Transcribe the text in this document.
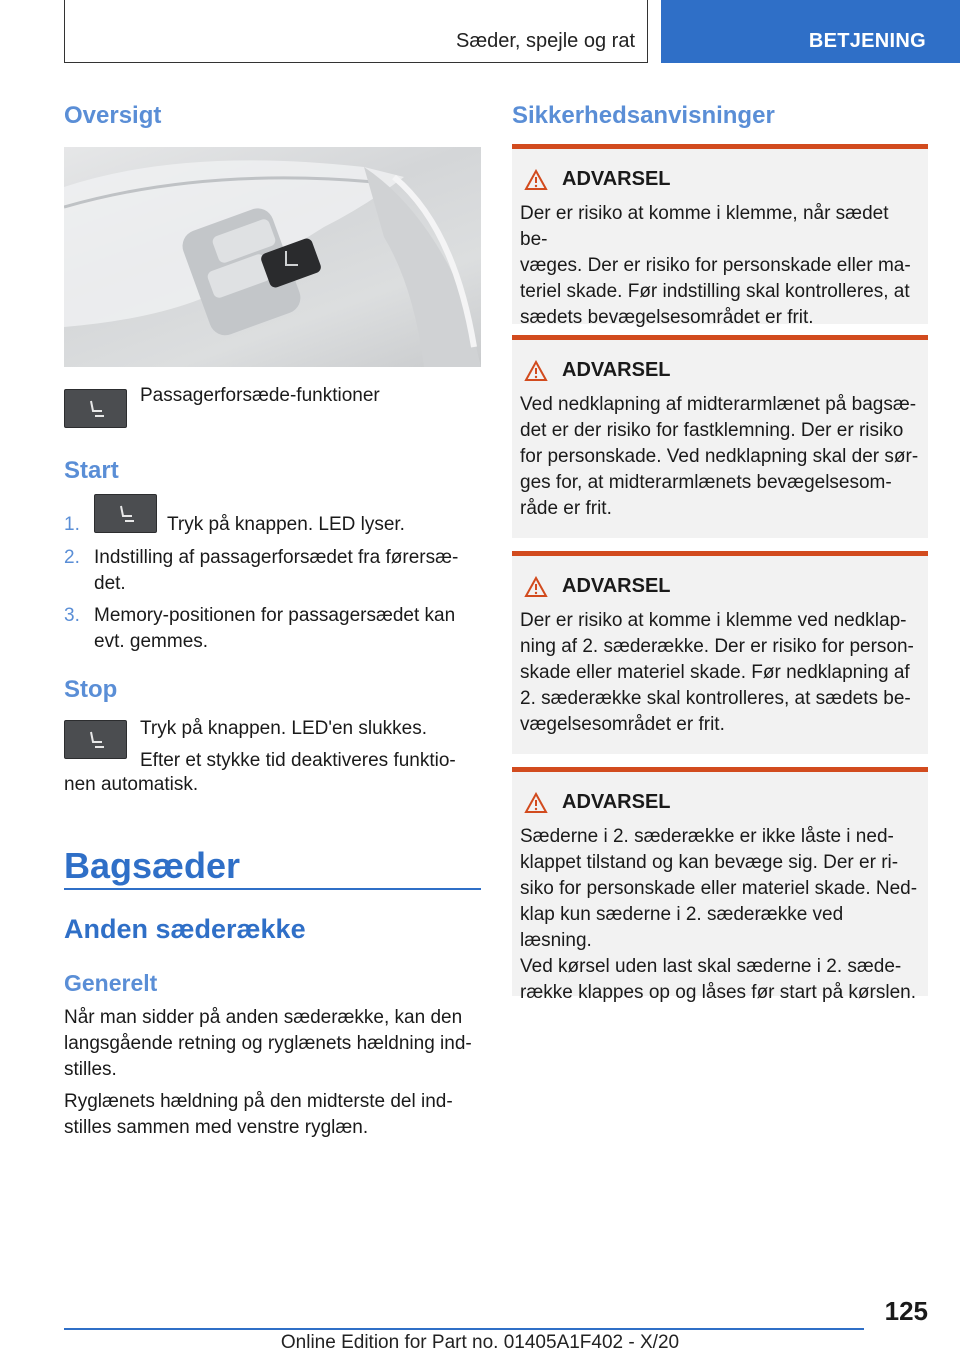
Sæder, spejle og rat	BETJENING
Oversigt

Passagerforsæde-funktioner

Start
1.	Tryk på knappen. LED lyser.

2. Indstilling af passagerforsædet fra førersæ-

det.

3. Memory-positionen for passagersædet kan

evt. gemmes.

Stop

Tryk på knappen. LED'en slukkes.

Efter et stykke tid deaktiveres funktio-

nen automatisk.

Bagsæder
Anden sæderække
Generelt

Når man sidder på anden sæderække, kan den

langsgående retning og ryglænets hældning ind-

stilles.

Ryglænets hældning på den midterste del ind-

stilles sammen med venstre ryglæn.

Sikkerhedsanvisninger
ADVARSEL
Der er risiko at komme i klemme, når sædet be-
væges. Der er risiko for personskade eller ma-
teriel skade. Før indstilling skal kontrolleres, at
sædets bevægelsesområdet er frit.
ADVARSEL
Ved nedklapning af midterarmlænet på bagsæ-
det er der risiko for fastklemning. Der er risiko
for personskade. Ved nedklapning skal der sør-
ges for, at midterarmlænets bevægelsesom-
råde er frit.
ADVARSEL
Der er risiko at komme i klemme ved nedklap-
ning af 2. sæderække. Der er risiko for person-
skade eller materiel skade. Før nedklapning af
2. sæderække skal kontrolleres, at sædets be-
vægelsesområdet er frit.
ADVARSEL
Sæderne i 2. sæderække er ikke låste i ned-
klappet tilstand og kan bevæge sig. Der er ri-
siko for personskade eller materiel skade. Ned-
klap kun sæderne i 2. sæderække ved læsning.
Ved kørsel uden last skal sæderne i 2. sæde-
række klappes op og låses før start på kørslen.
125
Online Edition for Part no. 01405A1F402 - X/20
